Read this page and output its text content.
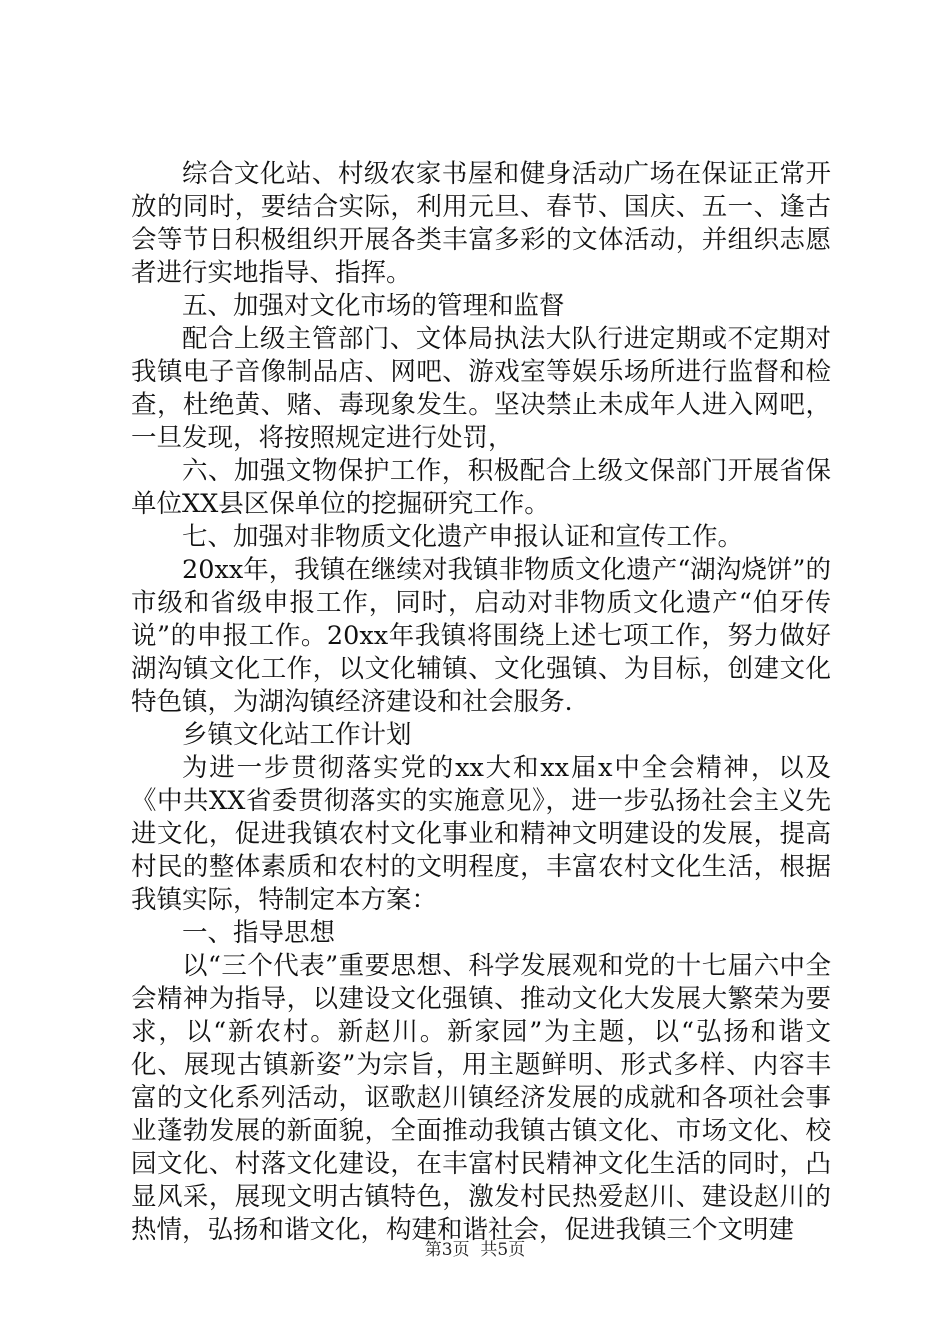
综合文化站、村级农家书屋和健身活动广场在保证正常开放的同时，要结合实际，利用元旦、春节、国庆、五一、逢古会等节日积极组织开展各类丰富多彩的文体活动，并组织志愿者进行实地指导、指挥。

五、加强对文化市场的管理和监督

配合上级主管部门、文体局执法大队行进定期或不定期对我镇电子音像制品店、网吧、游戏室等娱乐场所进行监督和检查，杜绝黄、赌、毒现象发生。坚决禁止未成年人进入网吧，一旦发现，将按照规定进行处罚，

六、加强文物保护工作，积极配合上级文保部门开展省保单位XX县区保单位的挖掘研究工作。

七、加强对非物质文化遗产申报认证和宣传工作。

20xx年，我镇在继续对我镇非物质文化遗产“湖沟烧饼”的市级和省级申报工作，同时，启动对非物质文化遗产“伯牙传说”的申报工作。20xx年我镇将围绕上述七项工作，努力做好湖沟镇文化工作，以文化辅镇、文化强镇、为目标，创建文化特色镇，为湖沟镇经济建设和社会服务.

乡镇文化站工作计划

为进一步贯彻落实党的xx大和xx届x中全会精神，以及《中共XX省委贯彻落实的实施意见》，进一步弘扬社会主义先进文化，促进我镇农村文化事业和精神文明建设的发展，提高村民的整体素质和农村的文明程度，丰富农村文化生活，根据我镇实际，特制定本方案：

一、指导思想

以“三个代表”重要思想、科学发展观和党的十七届六中全会精神为指导，以建设文化强镇、推动文化大发展大繁荣为要求，以“新农村。新赵川。新家园”为主题，以“弘扬和谐文化、展现古镇新姿”为宗旨，用主题鲜明、形式多样、内容丰富的文化系列活动，讴歌赵川镇经济发展的成就和各项社会事业蓬勃发展的新面貌，全面推动我镇古镇文化、市场文化、校园文化、村落文化建设，在丰富村民精神文化生活的同时，凸显风采，展现文明古镇特色，激发村民热爱赵川、建设赵川的热情，弘扬和谐文化，构建和谐社会，促进我镇三个文明建

第3页  共5页
